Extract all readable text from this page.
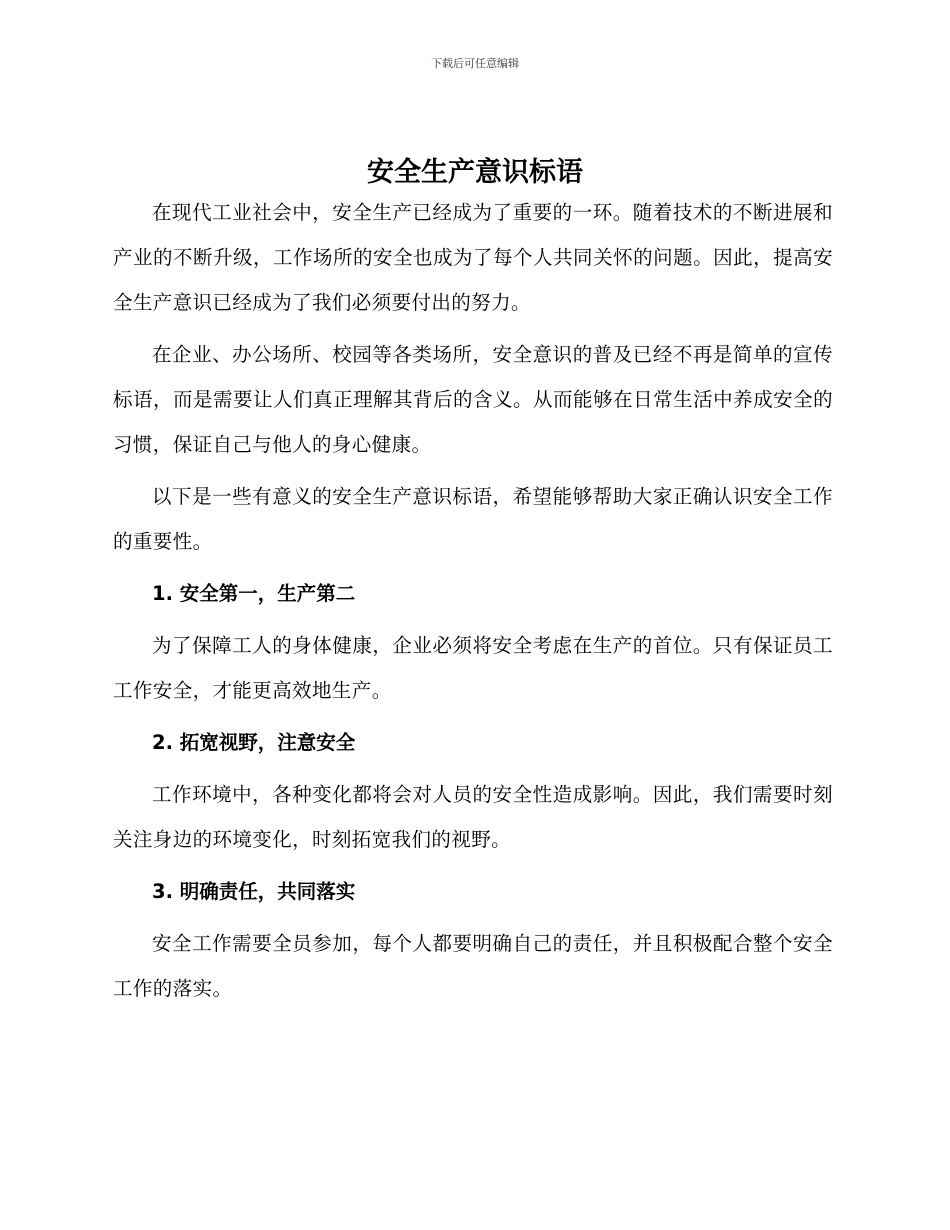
下载后可任意编辑
安全生产意识标语

在现代工业社会中，安全生产已经成为了重要的一环。随着技术的不断进展和产业的不断升级，工作场所的安全也成为了每个人共同关怀的问题。因此，提高安全生产意识已经成为了我们必须要付出的努力。

在企业、办公场所、校园等各类场所，安全意识的普及已经不再是简单的宣传标语，而是需要让人们真正理解其背后的含义。从而能够在日常生活中养成安全的习惯，保证自己与他人的身心健康。

以下是一些有意义的安全生产意识标语，希望能够帮助大家正确认识安全工作的重要性。

1. 安全第一，生产第二

为了保障工人的身体健康，企业必须将安全考虑在生产的首位。只有保证员工工作安全，才能更高效地生产。

2. 拓宽视野，注意安全

工作环境中，各种变化都将会对人员的安全性造成影响。因此，我们需要时刻关注身边的环境变化，时刻拓宽我们的视野。

3. 明确责任，共同落实

安全工作需要全员参加，每个人都要明确自己的责任，并且积极配合整个安全工作的落实。
